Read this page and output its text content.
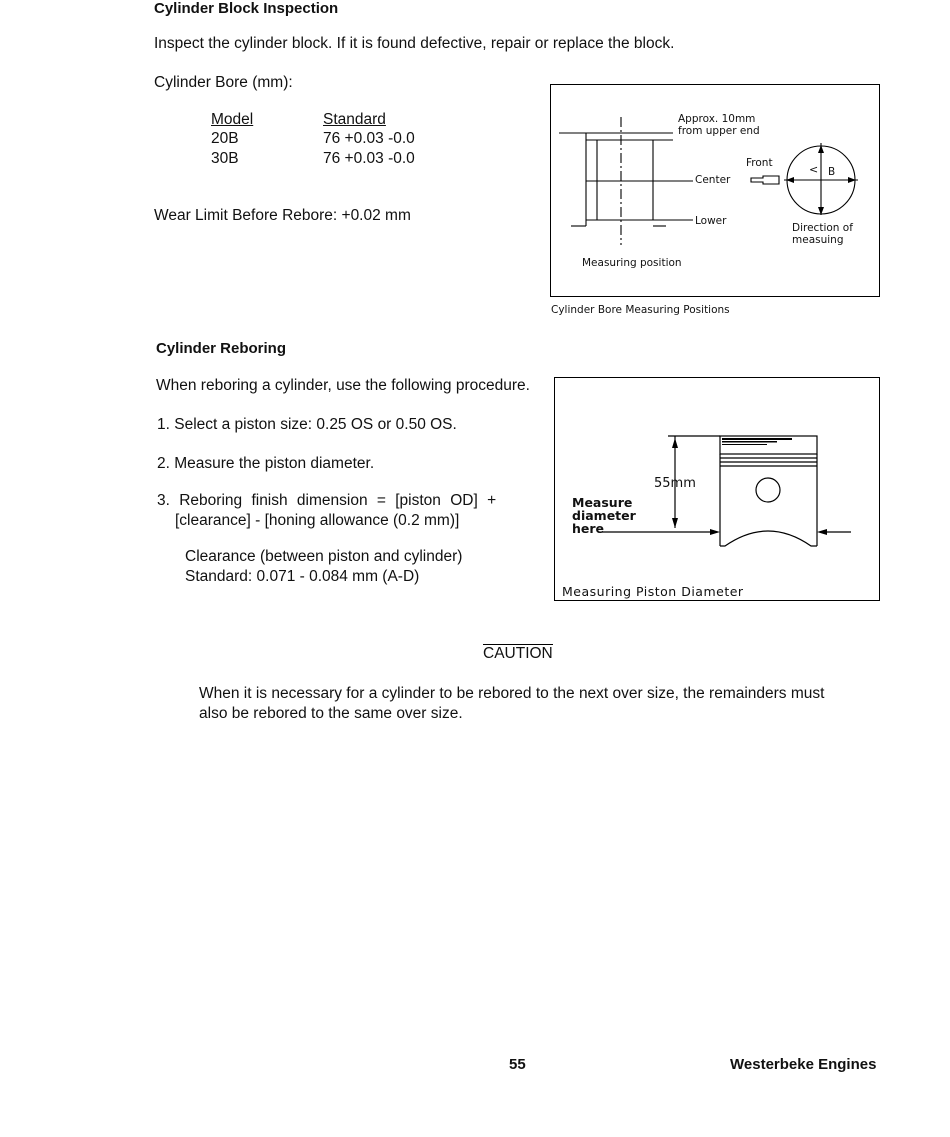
Cylinder Block Inspection
Inspect the cylinder block. If it is found defective, repair or replace the block.
Cylinder Bore (mm):
Model	Standard
20B	76 +0.03 -0.0
30B	76 +0.03 -0.0
Wear Limit Before Rebore: +0.02 mm
Approx. 10mm
from upper end
Front
Center
Lower
< B
Direction of
measuing
Measuring position
Cylinder Bore Measuring Positions
Cylinder Reboring
When reboring a cylinder, use the following procedure.
1. Select a piston size: 0.25 OS or 0.50 OS.
2. Measure the piston diameter.
3. Reboring finish dimension = [piston OD] +
[clearance] - [honing allowance (0.2 mm)]
Clearance (between piston and cylinder)
Standard: 0.071 - 0.084 mm (A-D)
55mm
Measure
diameter
here
Measuring Piston Diameter
CAUTION
When it is necessary for a cylinder to be rebored to the next over size, the remainders must
also be rebored to the same over size.
55	Westerbeke Engines
